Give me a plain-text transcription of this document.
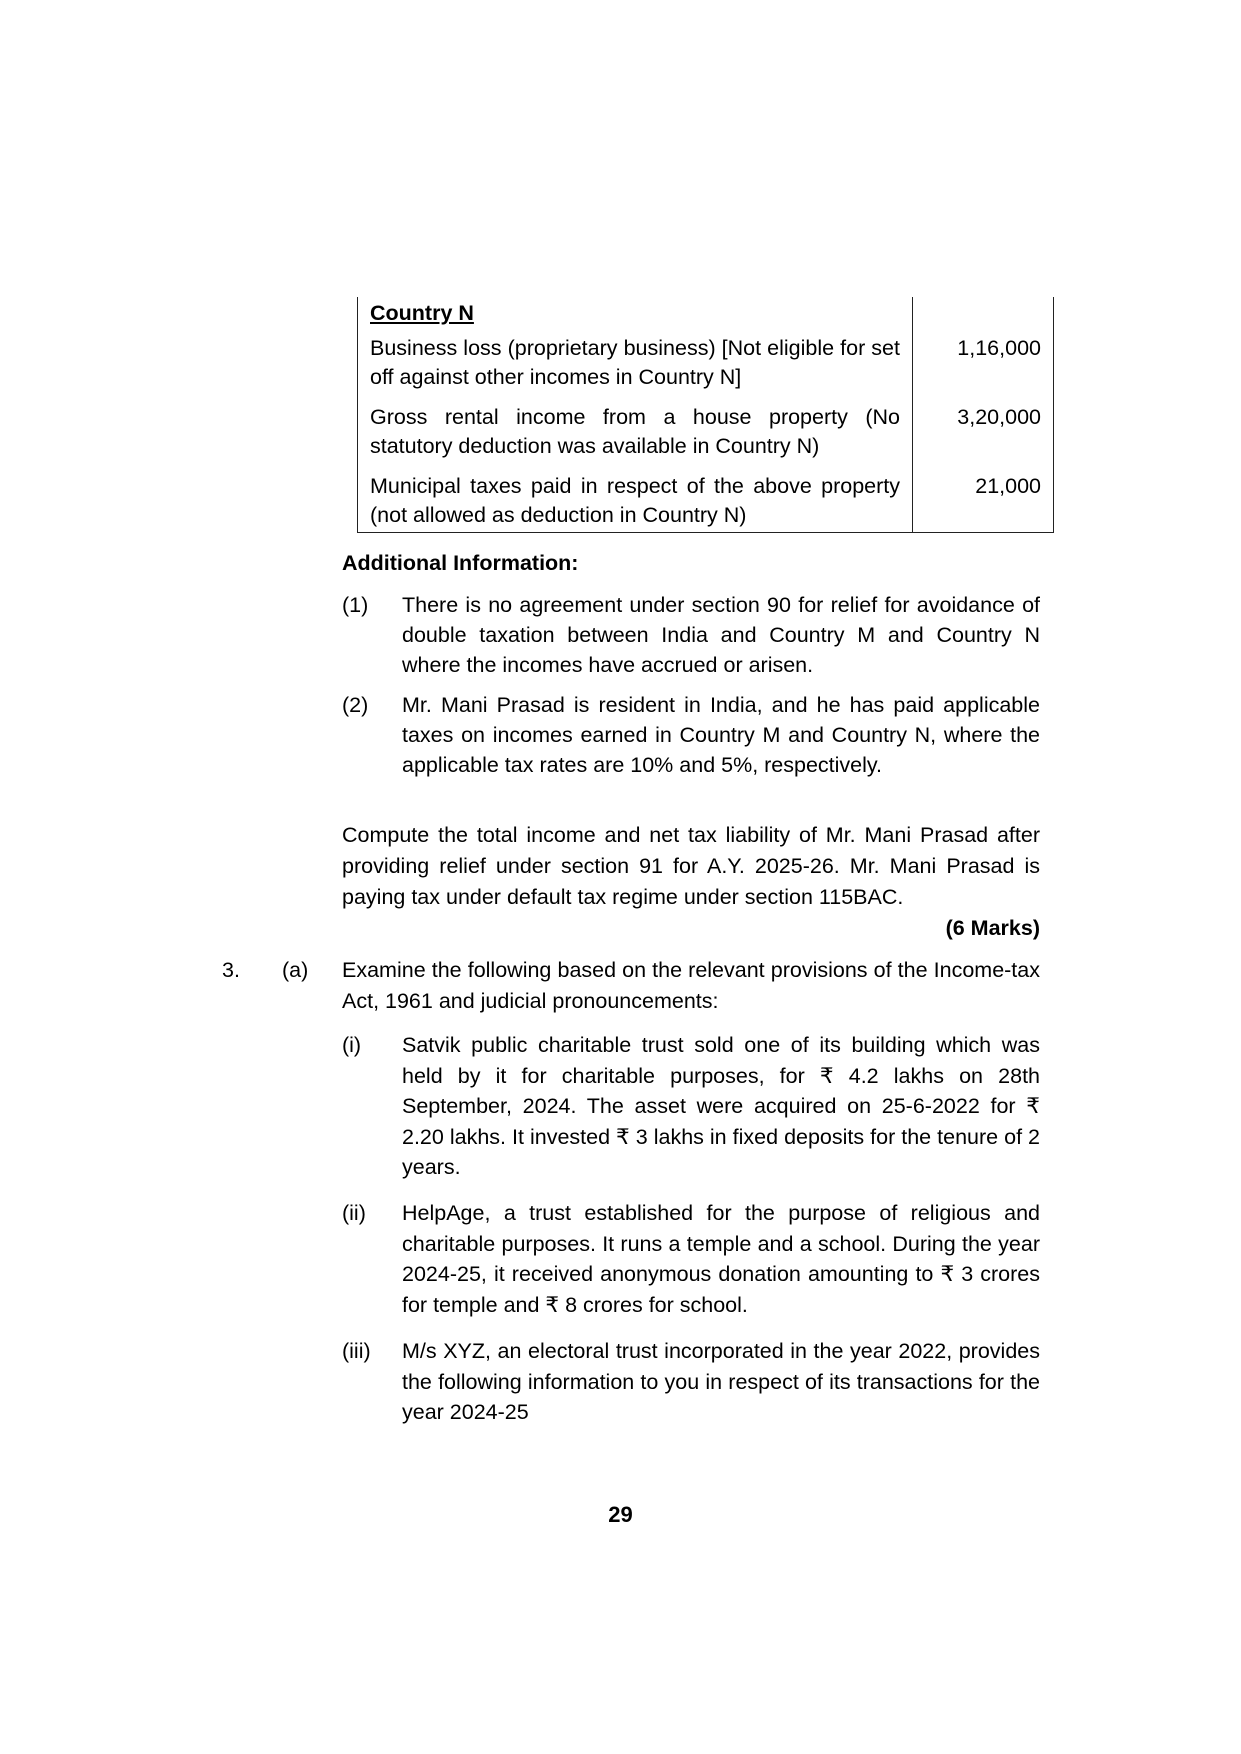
Country N	
Business loss (proprietary business) [Not eligible for set off against other incomes in Country N]	1,16,000
Gross rental income from a house property (No statutory deduction was available in Country N)	3,20,000
Municipal taxes paid in respect of the above property (not allowed as deduction in Country N)	21,000
Additional Information:
(1) There is no agreement under section 90 for relief for avoidance of double taxation between India and Country M and Country N where the incomes have accrued or arisen.
(2) Mr. Mani Prasad is resident in India, and he has paid applicable taxes on incomes earned in Country M and Country N, where the applicable tax rates are 10% and 5%, respectively.
Compute the total income and net tax liability of Mr. Mani Prasad after providing relief under section 91 for A.Y. 2025-26. Mr. Mani Prasad is paying tax under default tax regime under section 115BAC.
(6 Marks)
3. (a) Examine the following based on the relevant provisions of the Income-tax Act, 1961 and judicial pronouncements:
(i) Satvik public charitable trust sold one of its building which was held by it for charitable purposes, for ₹ 4.2 lakhs on 28th September, 2024. The asset were acquired on 25-6-2022 for ₹ 2.20 lakhs. It invested ₹ 3 lakhs in fixed deposits for the tenure of 2 years.
(ii) HelpAge, a trust established for the purpose of religious and charitable purposes. It runs a temple and a school. During the year 2024-25, it received anonymous donation amounting to ₹ 3 crores for temple and ₹ 8 crores for school.
(iii) M/s XYZ, an electoral trust incorporated in the year 2022, provides the following information to you in respect of its transactions for the year 2024-25
29
